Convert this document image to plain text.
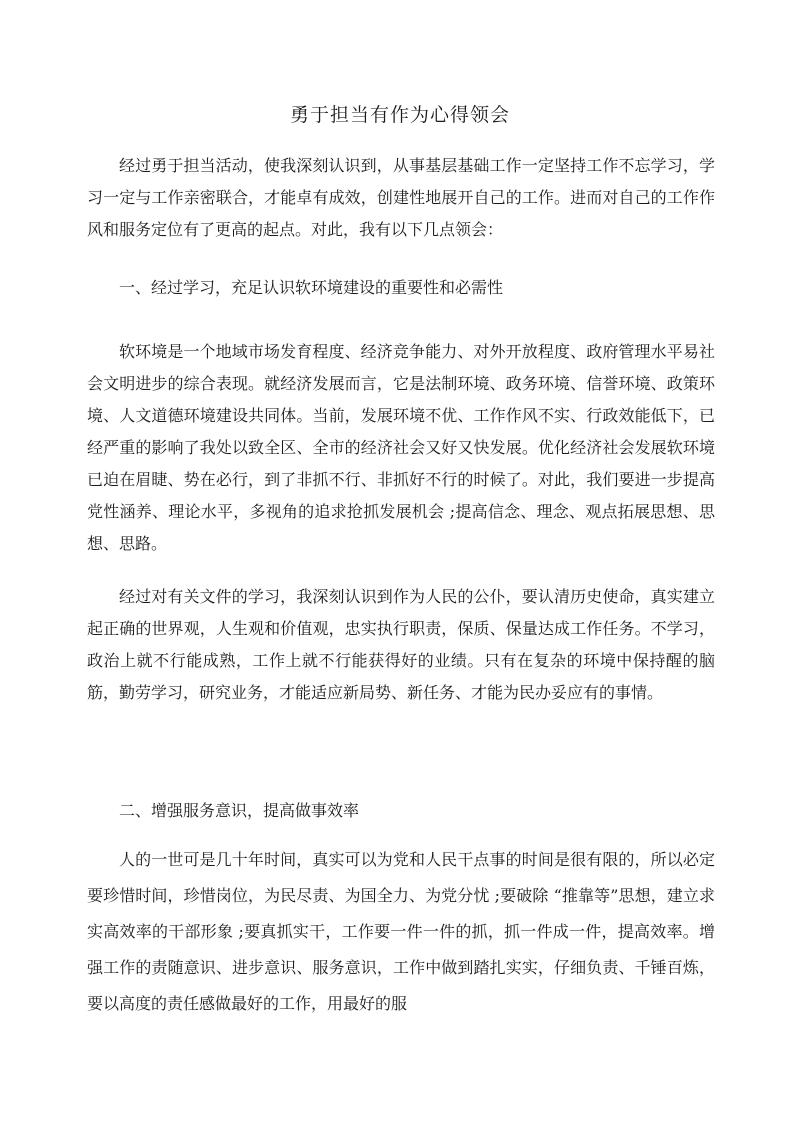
勇于担当有作为心得领会
经过勇于担当活动，使我深刻认识到，从事基层基础工作一定坚持工作不忘学习，学习一定与工作亲密联合，才能卓有成效，创建性地展开自己的工作。进而对自己的工作作风和服务定位有了更高的起点。对此，我有以下几点领会：
一、经过学习，充足认识软环境建设的重要性和必需性
软环境是一个地域市场发育程度、经济竞争能力、对外开放程度、政府管理水平易社会文明进步的综合表现。就经济发展而言，它是法制环境、政务环境、信誉环境、政策环境、人文道德环境建设共同体。当前，发展环境不优、工作作风不实、行政效能低下，已经严重的影响了我处以致全区、全市的经济社会又好又快发展。优化经济社会发展软环境已迫在眉睫、势在必行，到了非抓不行、非抓好不行的时候了。对此，我们要进一步提高党性涵养、理论水平，多视角的追求抢抓发展机会 ;提高信念、理念、观点拓展思想、思想、思路。
经过对有关文件的学习，我深刻认识到作为人民的公仆，要认清历史使命，真实建立起正确的世界观，人生观和价值观，忠实执行职责，保质、保量达成工作任务。不学习，政治上就不行能成熟，工作上就不行能获得好的业绩。只有在复杂的环境中保持醒的脑筋，勤劳学习，研究业务，才能适应新局势、新任务、才能为民办妥应有的事情。
二、增强服务意识，提高做事效率
人的一世可是几十年时间，真实可以为党和人民干点事的时间是很有限的，所以必定要珍惜时间，珍惜岗位，为民尽责、为国全力、为党分忧 ;要破除 “推靠等”思想，建立求实高效率的干部形象 ;要真抓实干，工作要一件一件的抓，抓一件成一件，提高效率。增强工作的责随意识、进步意识、服务意识，工作中做到踏扎实实，仔细负责、千锤百炼，要以高度的责任感做最好的工作，用最好的服
